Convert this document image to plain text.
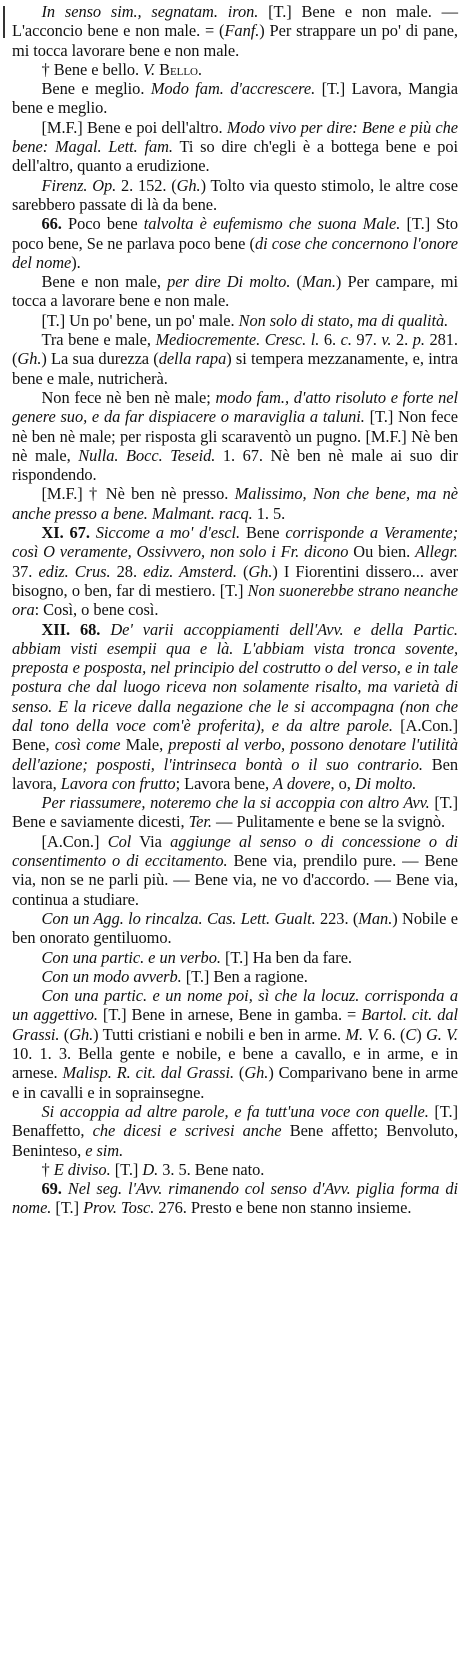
In senso sim., segnatam. iron. [T.] Bene e non male. — L'acconcio bene e non male. = (Fanf.) Per strappare un po' di pane, mi tocca lavorare bene e non male.

† Bene e bello. V. Bello.

Bene e meglio. Modo fam. d'accrescere. [T.] Lavora, Mangia bene e meglio.

[M.F.] Bene e poi dell'altro. Modo vivo per dire: Bene e più che bene: Magal. Lett. fam. Ti so dire ch'egli è a bottega bene e poi dell'altro, quanto a erudizione.

Firenz. Op. 2. 152. (Gh.) Tolto via questo stimolo, le altre cose sarebbero passate di là da bene.

66. Poco bene talvolta è eufemismo che suona Male. [T.] Sto poco bene, Se ne parlava poco bene (di cose che concernono l'onore del nome).

Bene e non male, per dire Di molto. (Man.) Per campare, mi tocca a lavorare bene e non male.

[T.] Un po' bene, un po' male. Non solo di stato, ma di qualità.

Tra bene e male, Mediocremente. Cresc. l. 6. c. 97. v. 2. p. 281. (Gh.) La sua durezza (della rapa) si tempera mezzanamente, e, intra bene e male, nutricherà.

Non fece nè ben nè male; modo fam., d'atto risoluto e forte nel genere suo, e da far dispiacere o maraviglia a taluni. [T.] Non fece nè ben nè male; per risposta gli scaraventò un pugno. [M.F.] Nè ben nè male, Nulla. Bocc. Teseid. 1. 67. Nè ben nè male ai suo dir rispondendo.

[M.F.] † Nè ben nè presso. Malissimo, Non che bene, ma nè anche presso a bene. Malmant. racq. 1. 5.

XI. 67. Siccome a mo' d'escl. Bene corrisponde a Veramente; così O veramente, Ossivvero, non solo i Fr. dicono Ou bien. Allegr. 37. ediz. Crus. 28. ediz. Amsterd. (Gh.) I Fiorentini dissero... aver bisogno, o ben, far di mestiero. [T.] Non suonerebbe strano neanche ora: Così, o bene così.

XII. 68. De' varii accoppiamenti dell'Avv. e della Partic. abbiam visti esempii qua e là. L'abbiam vista tronca sovente, preposta e posposta, nel principio del costrutto o del verso, e in tale postura che dal luogo riceva non solamente risalto, ma varietà di senso. E la riceve dalla negazione che le si accompagna (non che dal tono della voce com'è proferita), e da altre parole. [A.Con.] Bene, così come Male, preposti al verbo, possono denotare l'utilità dell'azione; posposti, l'intrinseca bontà o il suo contrario. Ben lavora, Lavora con frutto; Lavora bene, A dovere, o, Di molto.

Per riassumere, noteremo che la si accoppia con altro Avv. [T.] Bene e saviamente dicesti, Ter. — Pulitamente e bene se la svignò.

[A.Con.] Col Via aggiunge al senso o di concessione o di consentimento o di eccitamento. Bene via, prendilo pure. — Bene via, non se ne parli più. — Bene via, ne vo d'accordo. — Bene via, continua a studiare.

Con un Agg. lo rincalza. Cas. Lett. Gualt. 223. (Man.) Nobile e ben onorato gentiluomo.

Con una partic. e un verbo. [T.] Ha ben da fare.

Con un modo avverb. [T.] Ben a ragione.

Con una partic. e un nome poi, sì che la locuz. corrisponda a un aggettivo. [T.] Bene in arnese, Bene in gamba. = Bartol. cit. dal Grassi. (Gh.) Tutti cristiani e nobili e ben in arme. M. V. 6. (C) G. V. 10. 1. 3. Bella gente e nobile, e bene a cavallo, e in arme, e in arnese. Malisp. R. cit. dal Grassi. (Gh.) Comparivano bene in arme e in cavalli e in soprainsegne.

Si accoppia ad altre parole, e fa tutt'una voce con quelle. [T.] Benaffetto, che dicesi e scrivesi anche Bene affetto; Benvoluto, Beninteso, e sim.

† E diviso. [T.] D. 3. 5. Bene nato.

69. Nel seg. l'Avv. rimanendo col senso d'Avv. piglia forma di nome. [T.] Prov. Tosc. 276. Presto e bene non stanno insieme.
